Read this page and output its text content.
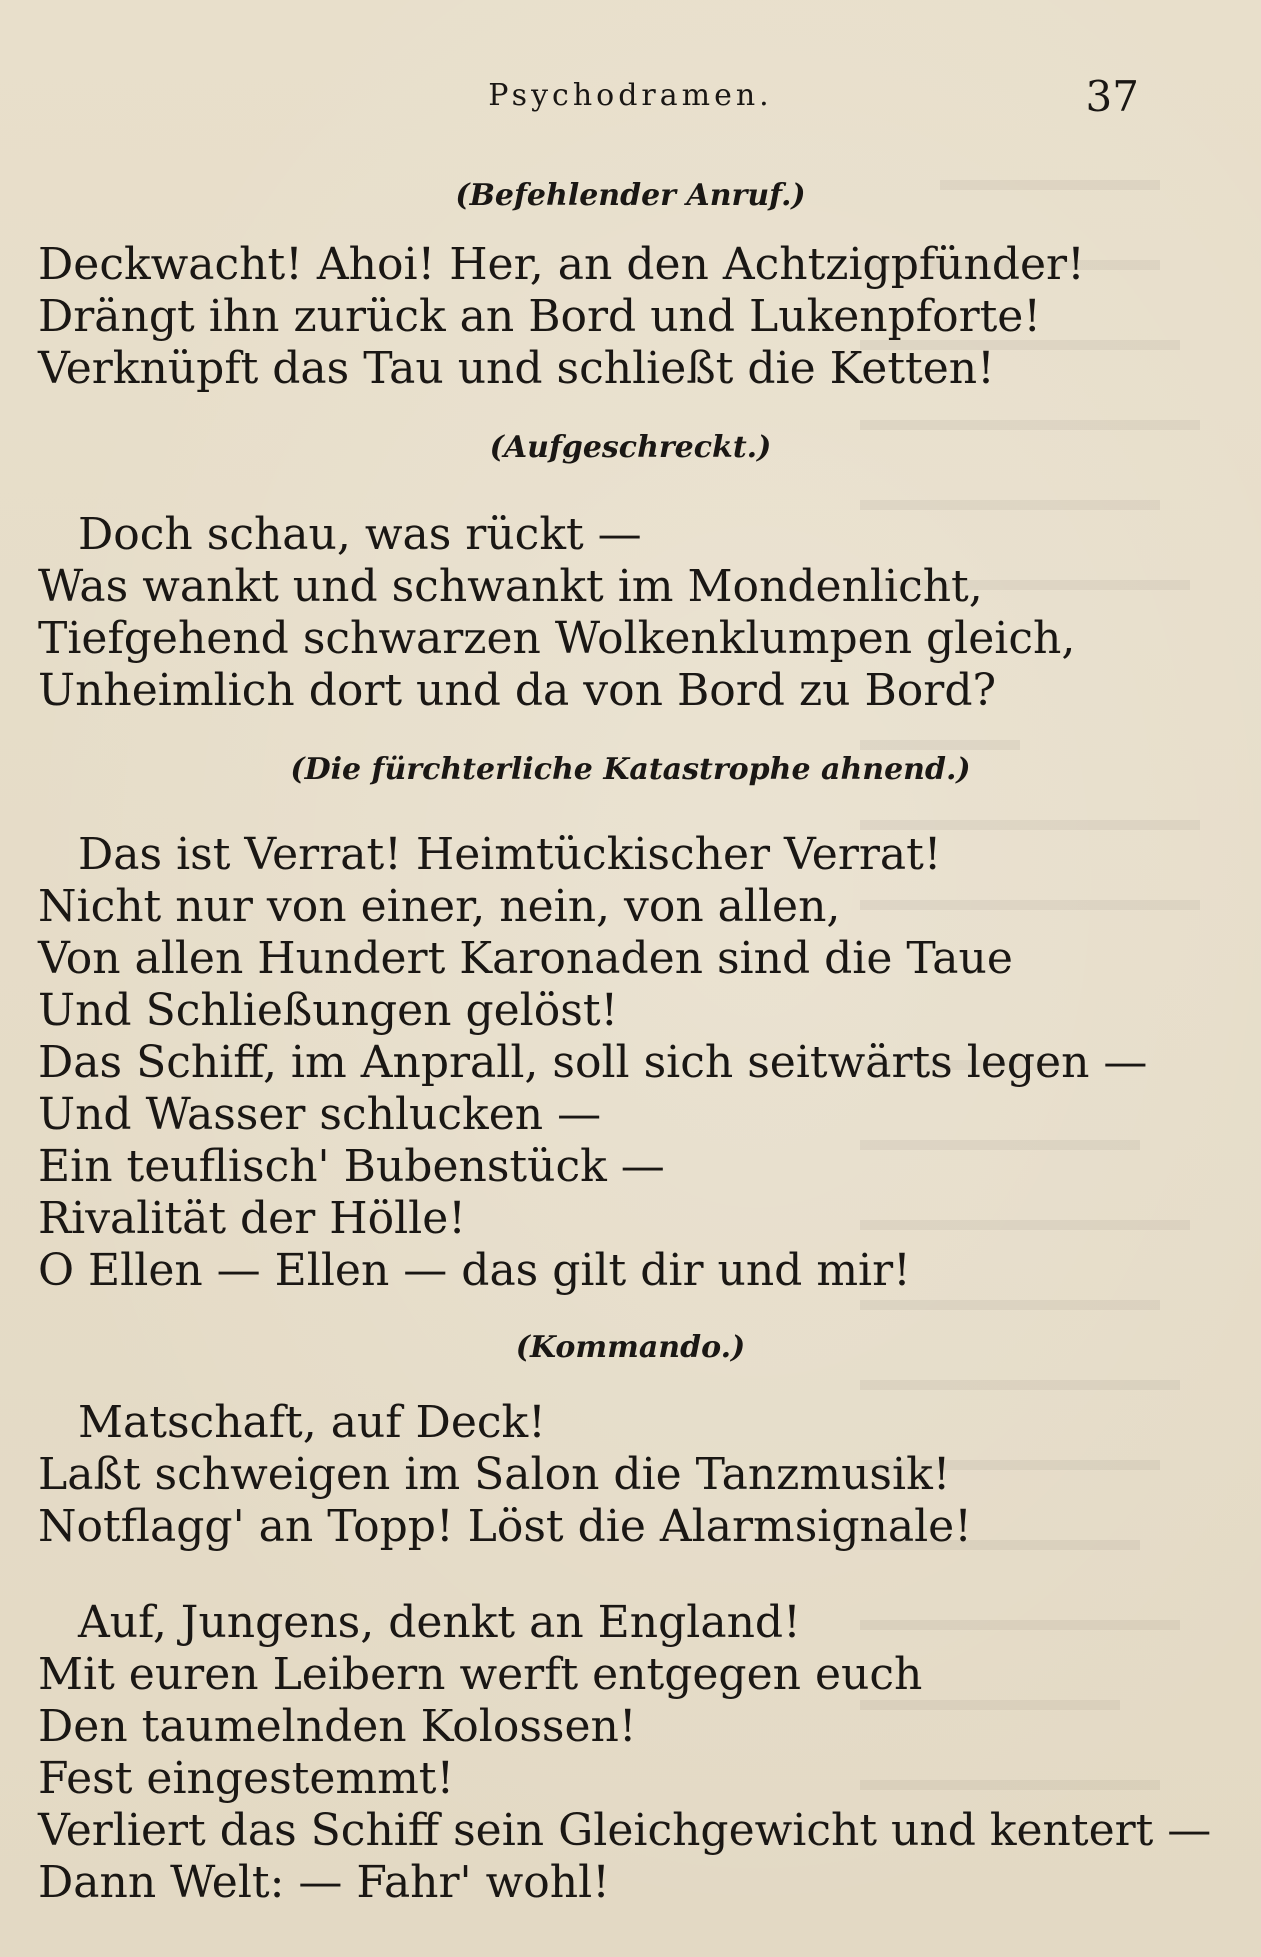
Psychodramen.	37
(Befehlender Anruf.)
Deckwacht! Ahoi! Her, an den Achtzigpfünder!
Drängt ihn zurück an Bord und Lukenpforte!
Verknüpft das Tau und schließt die Ketten!
(Aufgeschreckt.)
Doch schau, was rückt —
Was wankt und schwankt im Mondenlicht,
Tiefgehend schwarzen Wolkenklumpen gleich,
Unheimlich dort und da von Bord zu Bord?
(Die fürchterliche Katastrophe ahnend.)
Das ist Verrat! Heimtückischer Verrat!
Nicht nur von einer, nein, von allen,
Von allen Hundert Karonaden sind die Taue
Und Schließungen gelöst!
Das Schiff, im Anprall, soll sich seitwärts legen —
Und Wasser schlucken —
Ein teuflisch' Bubenstück —
Rivalität der Hölle!
O Ellen — Ellen — das gilt dir und mir!
(Kommando.)
Matschaft, auf Deck!
Laßt schweigen im Salon die Tanzmusik!
Notflagg' an Topp! Löst die Alarmsignale!
Auf, Jungens, denkt an England!
Mit euren Leibern werft entgegen euch
Den taumelnden Kolossen!
Fest eingestemmt!
Verliert das Schiff sein Gleichgewicht und kentert —
Dann Welt: — Fahr' wohl!
